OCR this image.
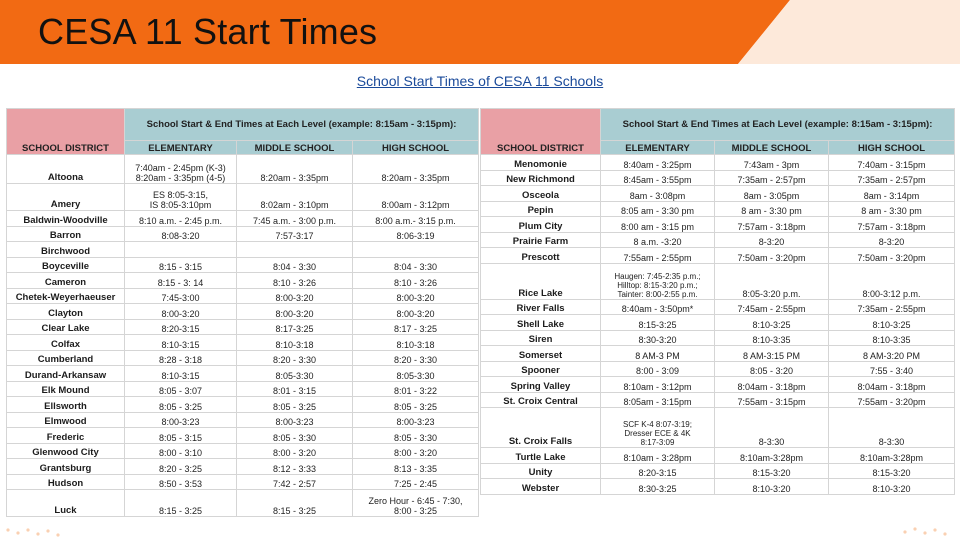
CESA 11 Start Times
School Start Times of CESA 11 Schools
SCHOOL DISTRICT	School Start & End Times at Each Level (example: 8:15am - 3:15pm):		
	ELEMENTARY	MIDDLE SCHOOL	HIGH SCHOOL
Altoona	7:40am - 2:45pm (K-3)
8:20am - 3:35pm (4-5)	8:20am - 3:35pm	8:20am - 3:35pm
Amery	ES 8:05-3:15,
IS 8:05-3:10pm	8:02am - 3:10pm	8:00am - 3:12pm
Baldwin-Woodville	8:10 a.m. - 2:45 p.m.	7:45 a.m. - 3:00 p.m.	8:00 a.m.- 3:15 p.m.
Barron	8:08-3:20	7:57-3:17	8:06-3:19
Birchwood			
Boyceville	8:15 - 3:15	8:04 - 3:30	8:04 - 3:30
Cameron	8:15 - 3: 14	8:10 - 3:26	8:10 - 3:26
Chetek-Weyerhaeuser	7:45-3:00	8:00-3:20	8:00-3:20
Clayton	8:00-3:20	8:00-3:20	8:00-3:20
Clear Lake	8:20-3:15	8:17-3:25	8:17 - 3:25
Colfax	8:10-3:15	8:10-3:18	8:10-3:18
Cumberland	8:28 - 3:18	8:20 - 3:30	8:20 - 3:30
Durand-Arkansaw	8:10-3:15	8:05-3:30	8:05-3:30
Elk Mound	8:05 - 3:07	8:01 - 3:15	8:01 - 3:22
Ellsworth	8:05 - 3:25	8:05 - 3:25	8:05 - 3:25
Elmwood	8:00-3:23	8:00-3:23	8:00-3:23
Frederic	8:05 - 3:15	8:05 - 3:30	8:05 - 3:30
Glenwood City	8:00 - 3:10	8:00 - 3:20	8:00 - 3:20
Grantsburg	8:20 - 3:25	8:12 - 3:33	8:13 - 3:35
Hudson	8:50 - 3:53	7:42 - 2:57	7:25 - 2:45
Luck	8:15 - 3:25	8:15 - 3:25	Zero Hour - 6:45 - 7:30,
8:00 - 3:25
SCHOOL DISTRICT	School Start & End Times at Each Level (example: 8:15am - 3:15pm):		
	ELEMENTARY	MIDDLE SCHOOL	HIGH SCHOOL
Menomonie	8:40am - 3:25pm	7:43am - 3pm	7:40am - 3:15pm
New Richmond	8:45am - 3:55pm	7:35am - 2:57pm	7:35am - 2:57pm
Osceola	8am - 3:08pm	8am - 3:05pm	8am - 3:14pm
Pepin	8:05 am - 3:30 pm	8 am - 3:30 pm	8 am - 3:30 pm
Plum City	8:00 am - 3:15 pm	7:57am - 3:18pm	7:57am - 3:18pm
Prairie Farm	8 a.m. -3:20	8-3:20	8-3:20
Prescott	7:55am - 2:55pm	7:50am - 3:20pm	7:50am - 3:20pm
Rice Lake	Haugen: 7:45-2:35 p.m.;
Hilltop: 8:15-3:20 p.m.;
Tainter: 8:00-2:55 p.m.	8:05-3:20 p.m.	8:00-3:12 p.m.
River Falls	8:40am - 3:50pm*	7:45am - 2:55pm	7:35am - 2:55pm
Shell Lake	8:15-3:25	8:10-3:25	8:10-3:25
Siren	8:30-3:20	8:10-3:35	8:10-3:35
Somerset	8 AM-3 PM	8 AM-3:15 PM	8 AM-3:20 PM
Spooner	8:00 - 3:09	8:05 - 3:20	7:55 - 3:40
Spring Valley	8:10am - 3:12pm	8:04am - 3:18pm	8:04am - 3:18pm
St. Croix Central	8:05am - 3:15pm	7:55am - 3:15pm	7:55am - 3:20pm
St. Croix Falls	SCF K-4 8:07-3:19;
Dresser ECE & 4K
8:17-3:09	8-3:30	8-3:30
Turtle Lake	8:10am - 3:28pm	8:10am-3:28pm	8:10am-3:28pm
Unity	8:20-3:15	8:15-3:20	8:15-3:20
Webster	8:30-3:25	8:10-3:20	8:10-3:20
